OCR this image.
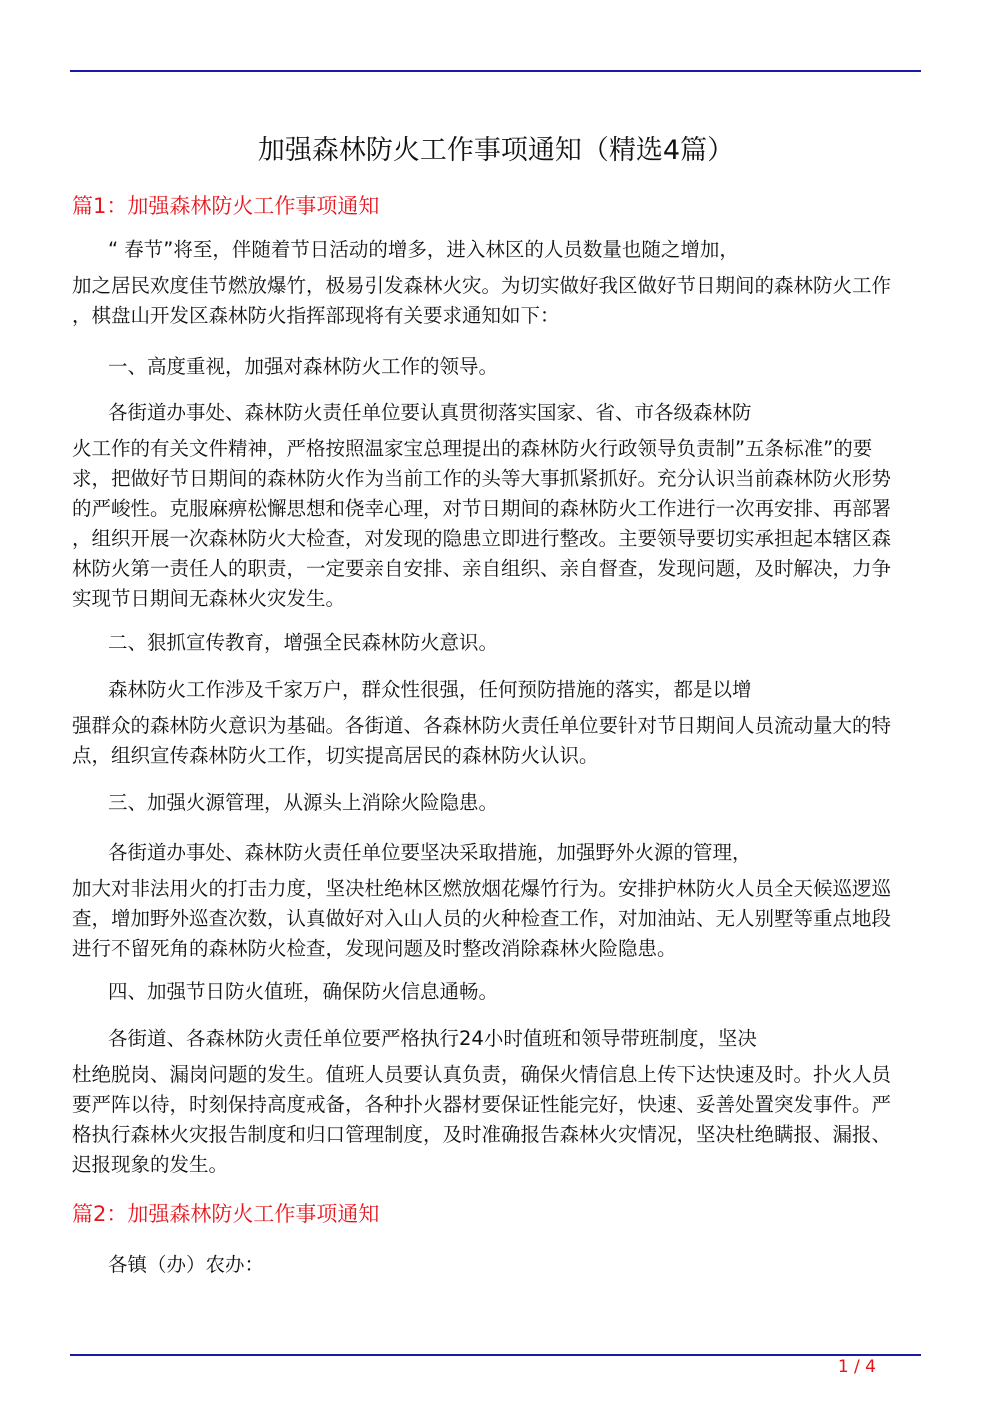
加强森林防火工作事项通知（精选4篇）
篇1：加强森林防火工作事项通知
“ 春节”将至，伴随着节日活动的增多，进入林区的人员数量也随之增加，
加之居民欢度佳节燃放爆竹，极易引发森林火灾。为切实做好我区做好节日期间的森林防火工作
，棋盘山开发区森林防火指挥部现将有关要求通知如下：
一、高度重视，加强对森林防火工作的领导。
各街道办事处、森林防火责任单位要认真贯彻落实国家、省、市各级森林防
火工作的有关文件精神，严格按照温家宝总理提出的森林防火行政领导负责制”五条标准”的要
求，把做好节日期间的森林防火作为当前工作的头等大事抓紧抓好。充分认识当前森林防火形势
的严峻性。克服麻痹松懈思想和侥幸心理，对节日期间的森林防火工作进行一次再安排、再部署
，组织开展一次森林防火大检查，对发现的隐患立即进行整改。主要领导要切实承担起本辖区森
林防火第一责任人的职责，一定要亲自安排、亲自组织、亲自督查，发现问题，及时解决，力争
实现节日期间无森林火灾发生。
二、狠抓宣传教育，增强全民森林防火意识。
森林防火工作涉及千家万户，群众性很强，任何预防措施的落实，都是以增
强群众的森林防火意识为基础。各街道、各森林防火责任单位要针对节日期间人员流动量大的特
点，组织宣传森林防火工作，切实提高居民的森林防火认识。
三、加强火源管理，从源头上消除火险隐患。
各街道办事处、森林防火责任单位要坚决采取措施，加强野外火源的管理，
加大对非法用火的打击力度，坚决杜绝林区燃放烟花爆竹行为。安排护林防火人员全天候巡逻巡
查，增加野外巡查次数，认真做好对入山人员的火种检查工作，对加油站、无人别墅等重点地段
进行不留死角的森林防火检查，发现问题及时整改消除森林火险隐患。
四、加强节日防火值班，确保防火信息通畅。
各街道、各森林防火责任单位要严格执行24小时值班和领导带班制度，坚决
杜绝脱岗、漏岗问题的发生。值班人员要认真负责，确保火情信息上传下达快速及时。扑火人员
要严阵以待，时刻保持高度戒备，各种扑火器材要保证性能完好，快速、妥善处置突发事件。严
格执行森林火灾报告制度和归口管理制度，及时准确报告森林火灾情况，坚决杜绝瞒报、漏报、
迟报现象的发生。
篇2：加强森林防火工作事项通知
各镇（办）农办：
1 / 4
